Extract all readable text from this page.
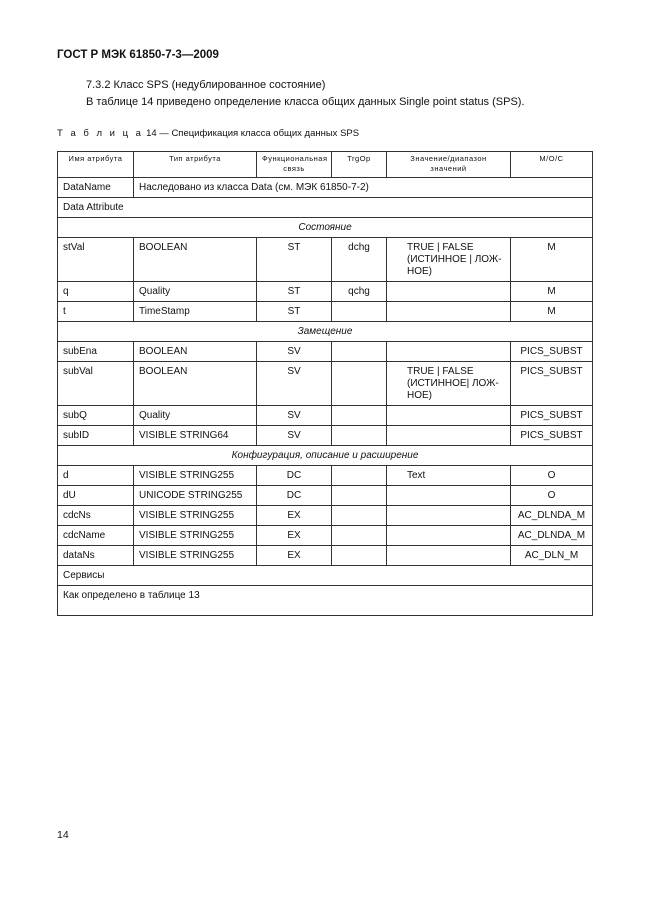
ГОСТ Р МЭК 61850-7-3—2009
7.3.2 Класс SPS (недублированное состояние)
В таблице 14 приведено определение класса общих данных Single point status (SPS).
Т а б л и ц а 14 — Спецификация класса общих данных SPS
Имя атрибута	Тип атрибута	Функциональная связь	TrgOp	Значение/диапазон значений	М/О/С
DataName	Наследовано из класса Data (см. МЭК 61850-7-2)				
Data Attribute					
Состояние					
stVal	BOOLEAN	ST	dchg	TRUE | FALSE (ИСТИННОЕ | ЛОЖ-НОЕ)	M
q	Quality	ST	qchg		M
t	TimeStamp	ST			M
Замещение					
subEna	BOOLEAN	SV			PICS_SUBST
subVal	BOOLEAN	SV		TRUE | FALSE (ИСТИННОЕ| ЛОЖ-НОЕ)	PICS_SUBST
subQ	Quality	SV			PICS_SUBST
subID	VISIBLE STRING64	SV			PICS_SUBST
Конфигурация, описание и расширение					
d	VISIBLE STRING255	DC		Text	O
dU	UNICODE STRING255	DC			O
cdcNs	VISIBLE STRING255	EX			AC_DLNDA_M
cdcName	VISIBLE STRING255	EX			AC_DLNDA_M
dataNs	VISIBLE STRING255	EX			AC_DLN_M
Сервисы					
Как определено в таблице 13					
14
